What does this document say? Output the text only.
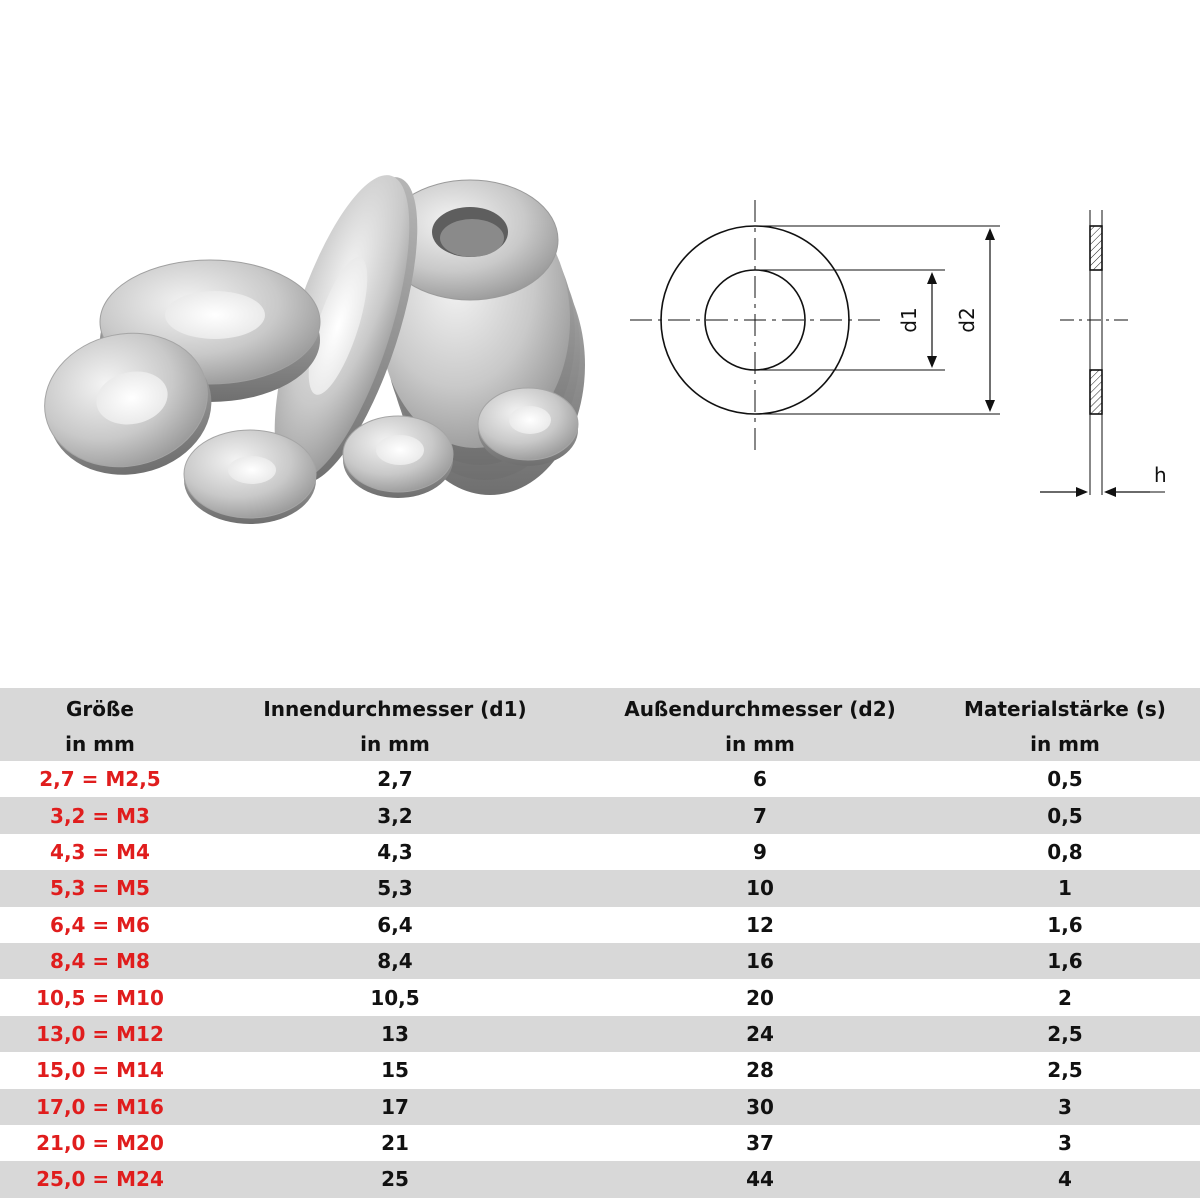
d1 d2
h
Größe	Innendurchmesser (d1)	Außendurchmesser (d2)	Materialstärke (s)
in mm	in mm	in mm	in mm
2,7 = M2,5	2,7	6	0,5
3,2 = M3	3,2	7	0,5
4,3 = M4	4,3	9	0,8
5,3 = M5	5,3	10	1
6,4 = M6	6,4	12	1,6
8,4 = M8	8,4	16	1,6
10,5 = M10	10,5	20	2
13,0 = M12	13	24	2,5
15,0 = M14	15	28	2,5
17,0 = M16	17	30	3
21,0 = M20	21	37	3
25,0 = M24	25	44	4
